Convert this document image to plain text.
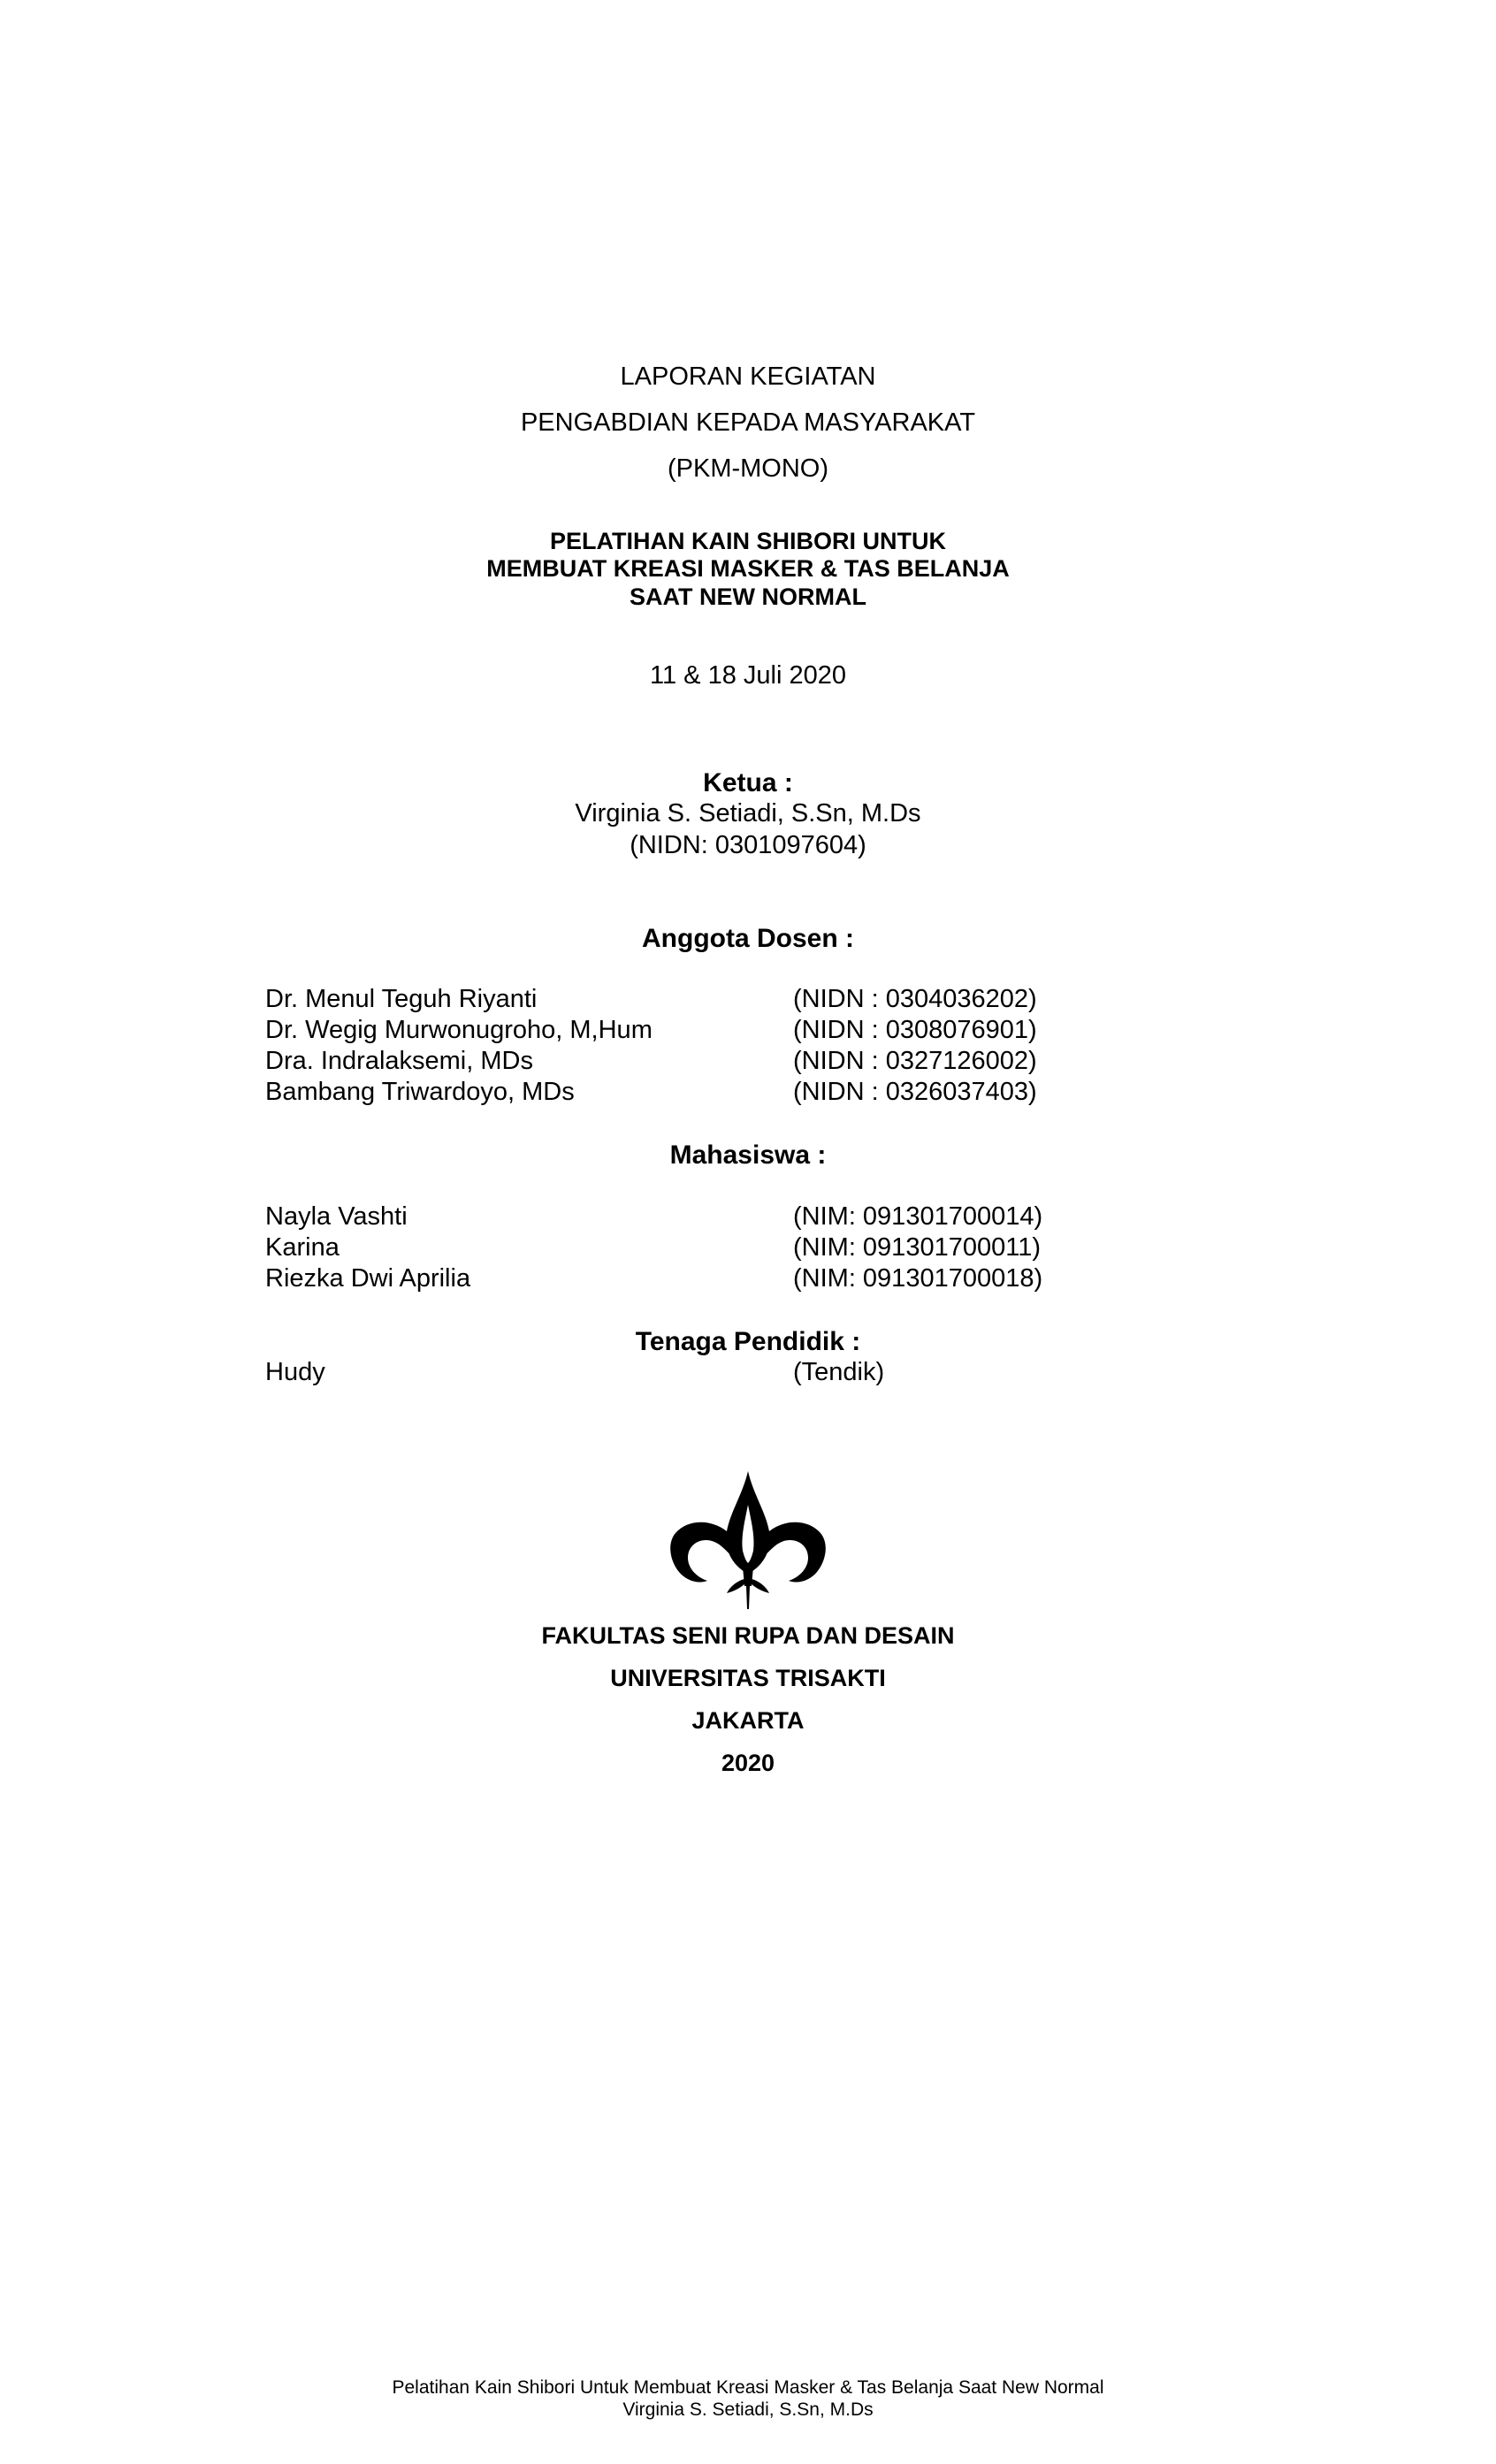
LAPORAN KEGIATAN
PENGABDIAN KEPADA MASYARAKAT
(PKM-MONO)
PELATIHAN KAIN SHIBORI UNTUK
MEMBUAT KREASI MASKER & TAS BELANJA
SAAT NEW NORMAL
11 & 18 Juli 2020
Ketua :
Virginia S. Setiadi, S.Sn, M.Ds
(NIDN: 0301097604)
Anggota Dosen :
Dr. Menul Teguh Riyanti	(NIDN : 0304036202)
Dr. Wegig Murwonugroho, M,Hum	(NIDN : 0308076901)
Dra. Indralaksemi, MDs	(NIDN : 0327126002)
Bambang Triwardoyo, MDs	(NIDN : 0326037403)
Mahasiswa :
Nayla Vashti	(NIM: 091301700014)
Karina	(NIM: 091301700011)
Riezka Dwi Aprilia	(NIM: 091301700018)
Tenaga Pendidik :
Hudy	(Tendik)
FAKULTAS SENI RUPA DAN DESAIN
UNIVERSITAS TRISAKTI
JAKARTA
2020
Pelatihan Kain Shibori Untuk Membuat Kreasi Masker & Tas Belanja Saat New Normal
Virginia S. Setiadi, S.Sn, M.Ds
